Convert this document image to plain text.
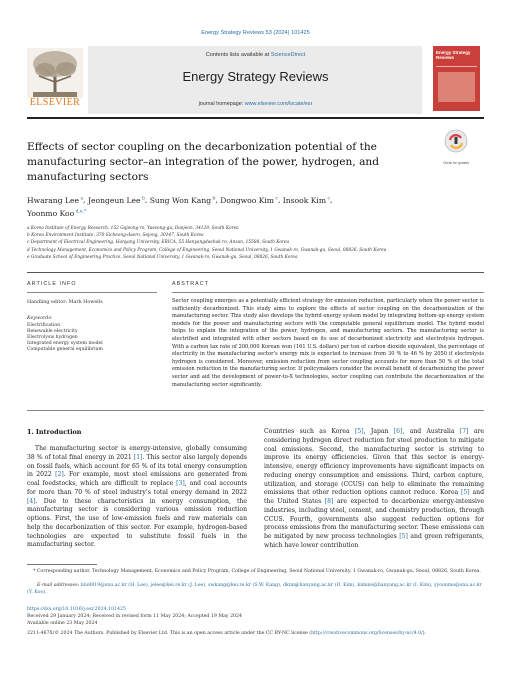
Energy Strategy Reviews 53 (2024) 101425
ELSEVIER
Contents lists available at ScienceDirect
Energy Strategy Reviews
journal homepage: www.elsevier.com/locate/esr
Energy Strategy Reviews
Effects of sector coupling on the decarbonization potential of the manufacturing sector–an integration of the power, hydrogen, and manufacturing sectors
Check for updates
Hwarang Lee $^a$, Jeongeun Lee $^b$, Sung Won Kang $^b$, Dongwoo Kim $^c$, Insook Kim $^c$,
Yoonmo Koo $^{d,e,*}$
a Korea Institute of Energy Research, 152 Gajeong-ro, Yuseong-gu, Daejeon, 34129, South Korea
b Korea Environment Institute, 370 Sicheong-daero, Sejong, 30147, South Korea
c Department of Electrical Engineering, Hanyang University, ERICA, 55 Hanyangdaehak-ro, Ansan, 15588, South Korea
d Technology Management, Economics and Policy Program, College of Engineering, Seoul National University, 1 Gwanak-ro, Gwanak-gu, Seoul, 08826, South Korea
e Graduate School of Engineering Practice, Seoul National University, 1 Gwanak-ro, Gwanak-gu, Seoul, 08826, South Korea
ARTICLE INFO
Handling editor: Mark Howells
Keywords:
Electrification
Renewable electricity
Electrolysis hydrogen
Integrated energy system model
Computable general equilibrium
ABSTRACT
Sector coupling emerges as a potentially efficient strategy for emission reduction, particularly when the power sector is sufficiently decarbonized. This study aims to explore the effects of sector coupling on the decarbonization of the manufacturing sector. This study also develops the hybrid energy system model by integrating bottom-up energy system models for the power and manufacturing sectors with the computable general equilibrium model. The hybrid model helps to explain the integration of the power, hydrogen, and manufacturing sectors. The manufacturing sector is electrified and integrated with other sectors based on its use of decarbonized electricity and electrolysis hydrogen. With a carbon tax rate of 200,000 Korean won (161 U.S. dollars) per ton of carbon dioxide equivalent, the percentage of electricity in the manufacturing sector’s energy mix is expected to increase from 30 % to 46 % by 2050 if electrolysis hydrogen is considered. Moreover, emission reduction from sector coupling accounts for more than 50 % of the total emission reduction in the manufacturing sector. If policymakers consider the overall benefit of decarbonizing the power sector and aid the development of power-to-X technologies, sector coupling can contribute the decarbonization of the manufacturing sector significantly.
1. Introduction
The manufacturing sector is energy-intensive, globally consuming 38 % of total final energy in 2021 [1]. This sector also largely depends on fossil fuels, which account for 65 % of its total energy consumption in 2022 [2]. For example, most steel emissions are generated from coal feedstocks, which are difficult to replace [3], and coal accounts for more than 70 % of steel industry’s total energy demand in 2022 [4]. Due to these characteristics in energy consumption, the manufacturing sector is considering various emission reduction options. First, the use of low-emission fuels and raw materials can help the decarbonization of this sector. For example, hydrogen-based technologies are expected to substitute fossil fuels in the manufacturing sector.
Countries such as Korea [5], Japan [6], and Australia [7] are considering hydrogen direct reduction for steel production to mitigate coal emissions. Second, the manufacturing sector is striving to improve its energy efficiencies. Given that this sector is energy-intensive, energy efficiency improvements have significant impacts on reducing energy consumption and emissions. Third, carbon capture, utilization, and storage (CCUS) can help to eliminate the remaining emissions that other reduction options cannot reduce. Korea [5] and the United States [8] are expected to decarbonize energy-intensive industries, including steel, cement, and chemistry production, through CCUS. Fourth, governments also suggest reduction options for process emissions from the manufacturing sector. These emissions can be mitigated by new process technologies [5] and green refrigerants, which have lower contribution
* Corresponding author. Technology Management, Economics and Policy Program, College of Engineering, Seoul National University, 1 Gwanak-ro, Gwanak-gu, Seoul, 08826, South Korea.
E-mail addresses: hlu8819@snu.ac.kr (H. Lee), jelee@kei.re.kr (J. Lee), swkang@kei.re.kr (S.W. Kang), dkim@hanyang.ac.kr (D. Kim), kimins@hanyang.ac.kr (I. Kim), yyoonmo@snu.ac.kr (Y. Koo).
https://doi.org/10.1016/j.esr.2024.101425
Received 29 January 2024; Received in revised form 11 May 2024; Accepted 19 May 2024
Available online 23 May 2024
2211-467X/© 2024 The Authors. Published by Elsevier Ltd. This is an open access article under the CC BY-NC license (http://creativecommons.org/licenses/by-nc/4.0/).
